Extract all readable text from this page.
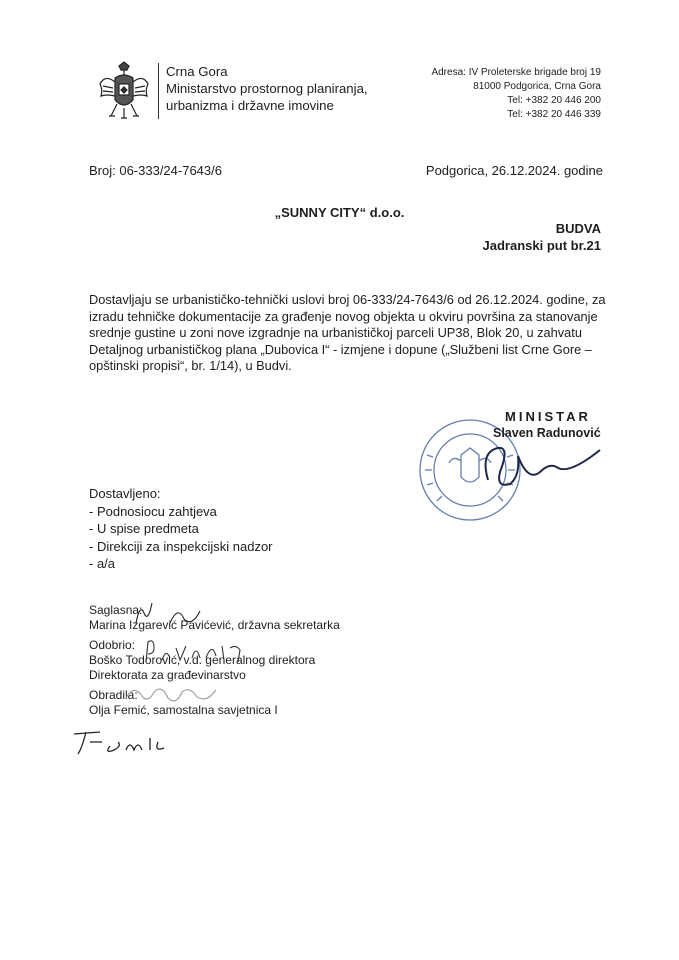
Crna Gora
Ministarstvo prostornog planiranja,
urbanizma i državne imovine
Adresa: IV Proleterske brigade broj 19
81000 Podgorica, Crna Gora
Tel: +382 20 446 200
Tel: +382 20 446 339
Broj: 06-333/24-7643/6	Podgorica, 26.12.2024. godine
„SUNNY CITY“ d.o.o.
BUDVA
Jadranski put br.21
Dostavljaju se urbanističko-tehnički uslovi broj 06-333/24-7643/6 od 26.12.2024. godine, za
izradu tehničke dokumentacije za građenje novog objekta u okviru površina za stanovanje
srednje gustine u zoni nove izgradnje na urbanističkoj parceli UP38, Blok 20, u zahvatu
Detaljnog urbanističkog plana „Dubovica I“ - izmjene i dopune („Službeni list Crne Gore –
opštinski propisi“, br. 1/14), u Budvi.
MINISTAR
Slaven Radunović
Dostavljeno:
- Podnosiocu zahtjeva
- U spise predmeta
- Direkciji za inspekcijski nadzor
- a/a
Saglasna:
Marina Izgarević Pavićević, državna sekretarka
Odobrio:
Boško Todorović, v.d. generalnog direktora
Direktorata za građevinarstvo
Obradila:
Olja Femić, samostalna savjetnica I
